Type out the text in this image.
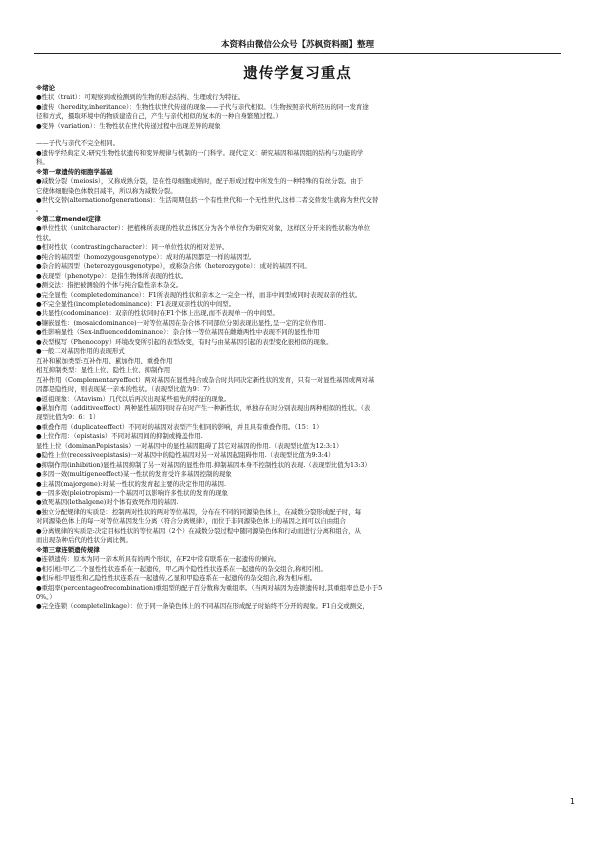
本资料由微信公众号【苏枫资料圈】整理
遗传学复习重点
※绪论
●性状（trait）：可观察到或检测到的生物的形态结构、生理或行为特征。
●遗传（heredity,inheritance）：生物性状世代传递的现象——子代与亲代相似。（生物按照亲代所经历的同一发育途
径和方式，摄取环境中的物质建造自己，产生与亲代相似的复本的一种自身繁殖过程。）
●变异（variation）：生物性状在世代传递过程中出现差异的现象
——子代与亲代不完全相同。
●遗传学经典定义:研究生物性状遗传和变异规律与机制的一门科学。现代定义：研究基因和基因组的结构与功能的学
科。
※第一章遗传的细胞学基础
●减数分裂（meiosis），又称成熟分裂，是在性母细胞成熟时，配子形成过程中所发生的一种特殊的有丝分裂。由于
它使体细胞染色体数目减半，所以称为减数分裂。
●世代交替(alternationofgenerations)：生活周期包括一个有性世代和一个无性世代,这样二者交替发生就称为世代交替
。
※第二章mendel定律
●单位性状（unitcharacter）：把植株所表现的性状总体区分为各个单位作为研究对象，这样区分开来的性状称为单位
性状。
●相对性状（contrastingcharacter）：同一单位性状的相对差异。
●纯合的基因型（homozygousgenotype）：成对的基因都是一样的基因型。
●杂合的基因型（heterozygousgenotype），或称杂合体（heterozygote）：成对的基因不同。
●表现型（phenotype）：是指生物体所表现的性状。
●测交法：指把被测验的个体与纯合隐性亲本杂交。
●完全显性（completedominance）：F1所表现的性状和亲本之一完全一样，而非中间型或同时表现双亲的性状。
●不完全显性(incompletedominance)：F1表现双亲性状的中间型。
●共显性(codominance)：双亲的性状同时在F1个体上出现,而不表现单一的中间型。
●镶嵌显性：(mosaicdominance)一对等位基因在杂合体不同部位分别表现出显性,呈一定的定位作用.
●性影响显性（Sex-influenceddominance）：杂合体一等位基因在雌雄两性中表现不同的显性作用
●表型模写（Phenocopy）环境改变所引起的表型改变，有时与由某基因引起的表型变化很相似的现象。
●一般二对基因作用的表现形式
互补和累加类型:互补作用、累加作用、重叠作用
相互抑制类型：显性上位、隐性上位、抑制作用
互补作用（Complementaryeffect）两对基因在显性纯合或杂合时共同决定新性状的发育，只有一对显性基因或两对基
因都是隐性时，则表现某一亲本的性状。（表现型比值为9：7）
●返祖现象：（Atavism）几代以后再次出现某些祖先的特征的现象。
●累加作用（additiveeffect）两种显性基因同时存在时产生一种新性状，单独存在时分别表现出两种相似的性状。（表
现型比值为9：6：1）
●重叠作用（duplicateeffect）不同对的基因对表型产生相同的影响，并且具有重叠作用。（15：1）
●上位作用：（epistasis）不同对基因间的抑制或掩盖作用.
显性上位（dominanPepistasis）一对基因中的显性基因阻碍了其它对基因的作用.（表现型比值为12:3:1）
●隐性上位(recessiveepistasis)一对基因中的隐性基因对另一对基因起阻碍作用.（表现型比值为9:3:4）
●抑制作用(inhibition)显性基因抑制了另一对基因的显性作用.抑制基因本身不控制性状的表现.（表现型比值为13:3）
●多因一效(multigeneeffect)某一性状的发育受许多基因控制的现象
●主基因(majorgene):对某一性状的发育起主要的决定作用的基因.
●一因多效(pleiotropism)一个基因可以影响许多性状的发育的现象
●致死基因(lethalgene)对个体有致死作用的基因.
●独立分配规律的实质是：控制两对性状的两对等位基因，分布在不同的同源染色体上，在减数分裂形成配子时，每
对同源染色体上的每一对等位基因发生分离（符合分离规律），而位于非同源染色体上的基因之间可以自由组合
●分离规律的实质是:决定目标性状的等位基因（2个）在减数分裂过程中随同源染色体和行动而进行分离和组合，从
而出现杂种后代的性状分离比例。
※第三章连锁遗传规律
●连锁遗传：原本为同一亲本所具有的两个形状，在F2中常有联系在一起遗传的倾向。
●相引相:甲乙二个显性性状连系在一起遗传，甲乙两个隐性性状连系在一起遗传的杂交组合,称相引相。
●相斥相:甲显性和乙隐性性状连系在一起遗传,乙显和甲隐连系在一起遗传的杂交组合,称为相斥相。
●重组率(percentageofrecombination)重组型的配子百分数称为重组率。（当两对基因为连锁遗传时,其重组率总是小于5
0%。）
●完全连锁（completelinkage）：位于同一条染色体上的不同基因在形成配子时始终不分开的现象。F1自交或测交，
1
